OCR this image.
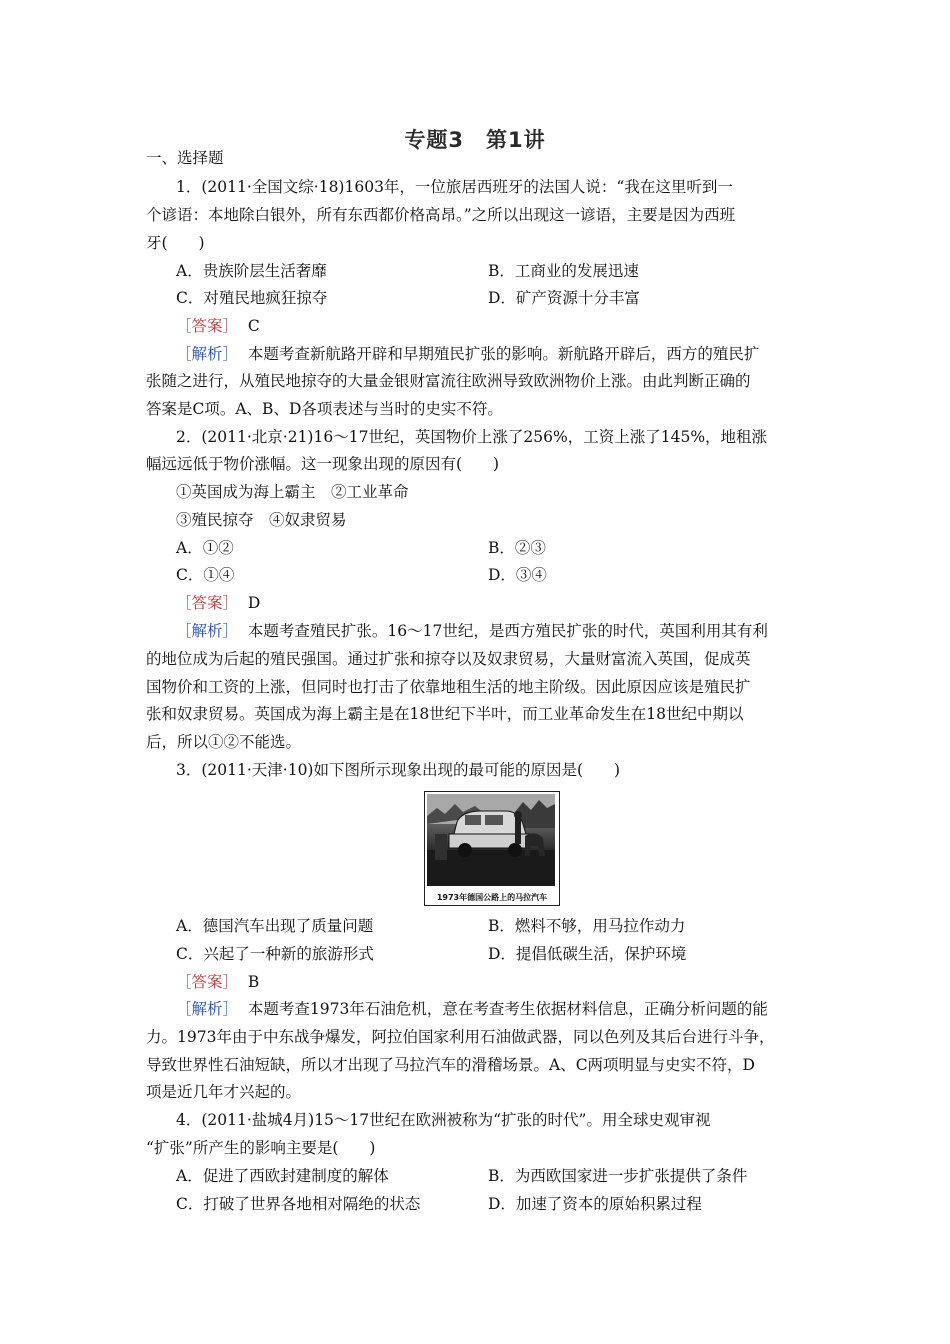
专题3　第1讲
一、选择题
1．(2011·全国文综·18)1603年，一位旅居西班牙的法国人说：“我在这里听到一
个谚语：本地除白银外，所有东西都价格高昂。”之所以出现这一谚语，主要是因为西班
牙(　　)
A．贵族阶层生活奢靡	B．工商业的发展迅速
C．对殖民地疯狂掠夺	D．矿产资源十分丰富
［答案］ C
［解析］ 本题考查新航路开辟和早期殖民扩张的影响。新航路开辟后，西方的殖民扩
张随之进行，从殖民地掠夺的大量金银财富流往欧洲导致欧洲物价上涨。由此判断正确的
答案是C项。A、B、D各项表述与当时的史实不符。
2．(2011·北京·21)16～17世纪，英国物价上涨了256%，工资上涨了145%，地租涨
幅远远低于物价涨幅。这一现象出现的原因有(　　)
①英国成为海上霸主　②工业革命
③殖民掠夺　④奴隶贸易
A．①②	B．②③
C．①④	D．③④
［答案］ D
［解析］ 本题考查殖民扩张。16～17世纪，是西方殖民扩张的时代，英国利用其有利
的地位成为后起的殖民强国。通过扩张和掠夺以及奴隶贸易，大量财富流入英国，促成英
国物价和工资的上涨，但同时也打击了依靠地租生活的地主阶级。因此原因应该是殖民扩
张和奴隶贸易。英国成为海上霸主是在18世纪下半叶，而工业革命发生在18世纪中期以
后，所以①②不能选。
3．(2011·天津·10)如下图所示现象出现的最可能的原因是(　　)
1973年德国公路上的马拉汽车
A．德国汽车出现了质量问题	B．燃料不够，用马拉作动力
C．兴起了一种新的旅游形式	D．提倡低碳生活，保护环境
［答案］ B
［解析］ 本题考查1973年石油危机，意在考查考生依据材料信息，正确分析问题的能
力。1973年由于中东战争爆发，阿拉伯国家利用石油做武器，同以色列及其后台进行斗争，
导致世界性石油短缺，所以才出现了马拉汽车的滑稽场景。A、C两项明显与史实不符，D
项是近几年才兴起的。
4．(2011·盐城4月)15～17世纪在欧洲被称为“扩张的时代”。用全球史观审视
“扩张”所产生的影响主要是(　　)
A．促进了西欧封建制度的解体	B．为西欧国家进一步扩张提供了条件
C．打破了世界各地相对隔绝的状态	D．加速了资本的原始积累过程
